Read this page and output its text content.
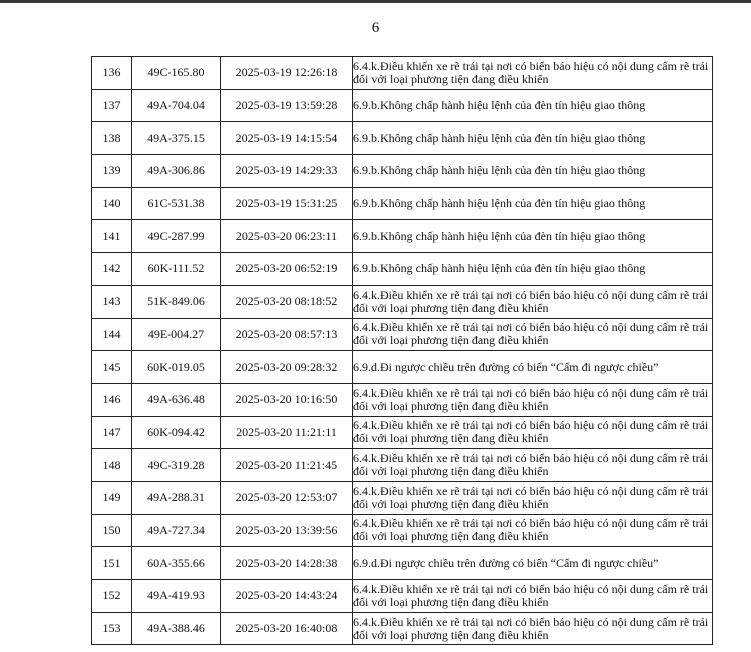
6
136	49C-165.80	2025-03-19 12:26:18	6.4.k.Điều khiển xe rẽ trái tại nơi có biển báo hiệu có nội dung cấm rẽ trái đối với loại phương tiện đang điều khiển
137	49A-704.04	2025-03-19 13:59:28	6.9.b.Không chấp hành hiệu lệnh của đèn tín hiệu giao thông
138	49A-375.15	2025-03-19 14:15:54	6.9.b.Không chấp hành hiệu lệnh của đèn tín hiệu giao thông
139	49A-306.86	2025-03-19 14:29:33	6.9.b.Không chấp hành hiệu lệnh của đèn tín hiệu giao thông
140	61C-531.38	2025-03-19 15:31:25	6.9.b.Không chấp hành hiệu lệnh của đèn tín hiệu giao thông
141	49C-287.99	2025-03-20 06:23:11	6.9.b.Không chấp hành hiệu lệnh của đèn tín hiệu giao thông
142	60K-111.52	2025-03-20 06:52:19	6.9.b.Không chấp hành hiệu lệnh của đèn tín hiệu giao thông
143	51K-849.06	2025-03-20 08:18:52	6.4.k.Điều khiển xe rẽ trái tại nơi có biển báo hiệu có nội dung cấm rẽ trái đối với loại phương tiện đang điều khiển
144	49E-004.27	2025-03-20 08:57:13	6.4.k.Điều khiển xe rẽ trái tại nơi có biển báo hiệu có nội dung cấm rẽ trái đối với loại phương tiện đang điều khiển
145	60K-019.05	2025-03-20 09:28:32	6.9.d.Đi ngược chiều trên đường có biển “Cấm đi ngược chiều”
146	49A-636.48	2025-03-20 10:16:50	6.4.k.Điều khiển xe rẽ trái tại nơi có biển báo hiệu có nội dung cấm rẽ trái đối với loại phương tiện đang điều khiển
147	60K-094.42	2025-03-20 11:21:11	6.4.k.Điều khiển xe rẽ trái tại nơi có biển báo hiệu có nội dung cấm rẽ trái đối với loại phương tiện đang điều khiển
148	49C-319.28	2025-03-20 11:21:45	6.4.k.Điều khiển xe rẽ trái tại nơi có biển báo hiệu có nội dung cấm rẽ trái đối với loại phương tiện đang điều khiển
149	49A-288.31	2025-03-20 12:53:07	6.4.k.Điều khiển xe rẽ trái tại nơi có biển báo hiệu có nội dung cấm rẽ trái đối với loại phương tiện đang điều khiển
150	49A-727.34	2025-03-20 13:39:56	6.4.k.Điều khiển xe rẽ trái tại nơi có biển báo hiệu có nội dung cấm rẽ trái đối với loại phương tiện đang điều khiển
151	60A-355.66	2025-03-20 14:28:38	6.9.d.Đi ngược chiều trên đường có biển “Cấm đi ngược chiều”
152	49A-419.93	2025-03-20 14:43:24	6.4.k.Điều khiển xe rẽ trái tại nơi có biển báo hiệu có nội dung cấm rẽ trái đối với loại phương tiện đang điều khiển
153	49A-388.46	2025-03-20 16:40:08	6.4.k.Điều khiển xe rẽ trái tại nơi có biển báo hiệu có nội dung cấm rẽ trái đối với loại phương tiện đang điều khiển
